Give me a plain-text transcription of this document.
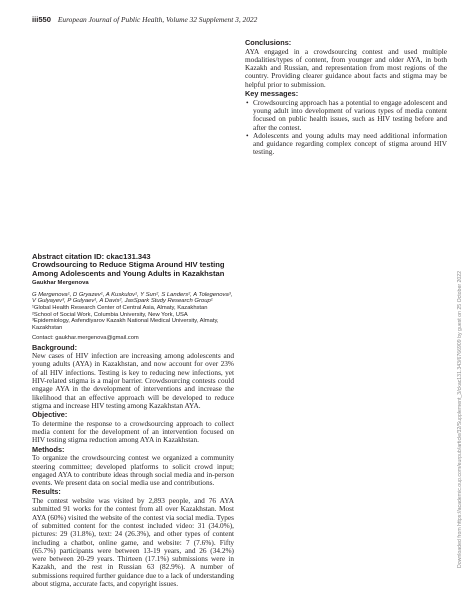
iii550 European Journal of Public Health, Volume 32 Supplement 3, 2022

Conclusions:

AYA engaged in a crowdsourcing contest and used multiple modalities/types of content, from younger and older AYA, in both Kazakh and Russian, and representation from most regions of the country. Providing clearer guidance about facts and stigma may be helpful prior to submission.

Key messages:

• Crowdsourcing approach has a potential to engage adolescent and young adult into development of various types of media content focused on public health issues, such as HIV testing before and after the contest.
• Adolescents and young adults may need additional information and guidance regarding complex concept of stigma around HIV testing.

Abstract citation ID: ckac131.343

Crowdsourcing to Reduce Stigma Around HIV testing Among Adolescents and Young Adults in Kazakhstan

Gaukhar Mergenova

G Mergenova¹, D Gryazev¹, A Kuskulov¹, Y Sun², S Landers², A Tolegenova³, V Gulyayev³, P Gulyaev¹, A Davis², JasSpark Study Research Group¹

¹Global Health Research Center of Central Asia, Almaty, Kazakhstan

²School of Social Work, Columbia University, New York, USA

³Epidemiology, Asfendiyarov Kazakh National Medical University, Almaty, Kazakhstan

Contact: gaukhar.mergenova@gmail.com

Background:

New cases of HIV infection are increasing among adolescents and young adults (AYA) in Kazakhstan, and now account for over 23% of all HIV infections. Testing is key to reducing new infections, yet HIV-related stigma is a major barrier. Crowdsourcing contests could engage AYA in the development of interventions and increase the likelihood that an effective approach will be developed to reduce stigma and increase HIV testing among Kazakhstan AYA.

Objective:

To determine the response to a crowdsourcing approach to collect media content for the development of an intervention focused on HIV testing stigma reduction among AYA in Kazakhstan.

Methods:

To organize the crowdsourcing contest we organized a community steering committee; developed platforms to solicit crowd input; engaged AYA to contribute ideas through social media and in-person events. We present data on social media use and contributions.

Results:

The contest website was visited by 2,893 people, and 76 AYA submitted 91 works for the contest from all over Kazakhstan. Most AYA (60%) visited the website of the contest via social media. Types of submitted content for the contest included video: 31 (34.0%), pictures: 29 (31.8%), text: 24 (26.3%), and other types of content including a chatbot, online game, and website: 7 (7.6%). Fifty (65.7%) participants were between 13-19 years, and 26 (34.2%) were between 20-29 years. Thirteen (17.1%) submissions were in Kazakh, and the rest in Russian 63 (82.9%). A number of submissions required further guidance due to a lack of understanding about stigma, accurate facts, and copyright issues.

Downloaded from https://academic.oup.com/eurpub/article/32/Supplement_3/ckac131.343/6766909 by guest on 25 October 2022
